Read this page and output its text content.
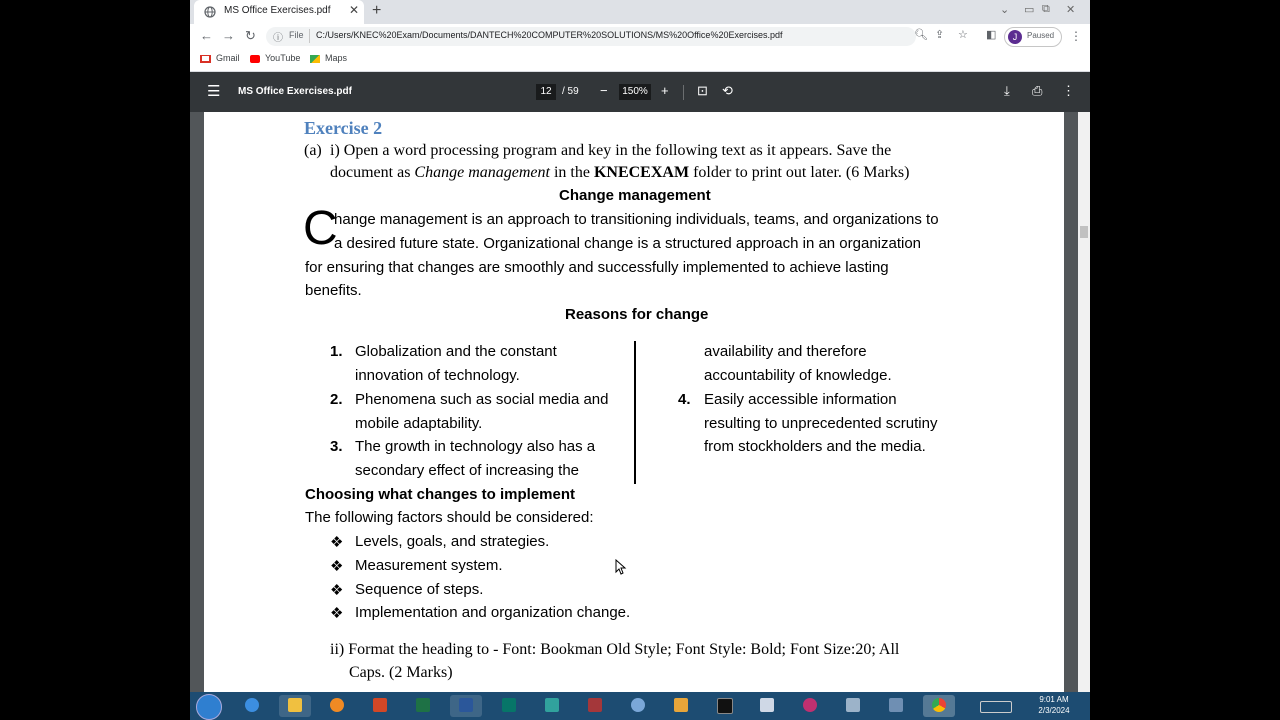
MS Office Exercises.pdf ✕ +	⌄ ▭ ⧉ ✕
← → ↻ ⓘ File C:/Users/KNEC%20Exam/Documents/DANTECH%20COMPUTER%20SOLUTIONS/MS%20Office%20Exercises.pdf	🔍︎ ⇪ ☆ ◧	J	Paused ⋮
Gmail	YouTube	Maps
☰ MS Office Exercises.pdf	12	/ 59 −	150% + ⊡ ⟲	⤓ ⎙ ⋮
Exercise 2
(a) i) Open a word processing program and key in the following text as it appears. Save the
document as Change management in the KNECEXAM folder to print out later. (6 Marks)
Change management
C
hange management is an approach to transitioning individuals, teams, and organizations to
a desired future state. Organizational change is a structured approach in an organization
for ensuring that changes are smoothly and successfully implemented to achieve lasting
benefits.
Reasons for change
1. Globalization and the constant
innovation of technology.
2. Phenomena such as social media and
mobile adaptability.
3. The growth in technology also has a
secondary effect of increasing the
availability and therefore
accountability of knowledge.
4. Easily accessible information
resulting to unprecedented scrutiny
from stockholders and the media.
Choosing what changes to implement
The following factors should be considered:
❖ Levels, goals, and strategies.
❖ Measurement system.
❖ Sequence of steps.
❖ Implementation and organization change.
ii) Format the heading to - Font: Bookman Old Style; Font Style: Bold; Font Size:20; All
Caps. (2 Marks)
9:01 AM
2/3/2024
